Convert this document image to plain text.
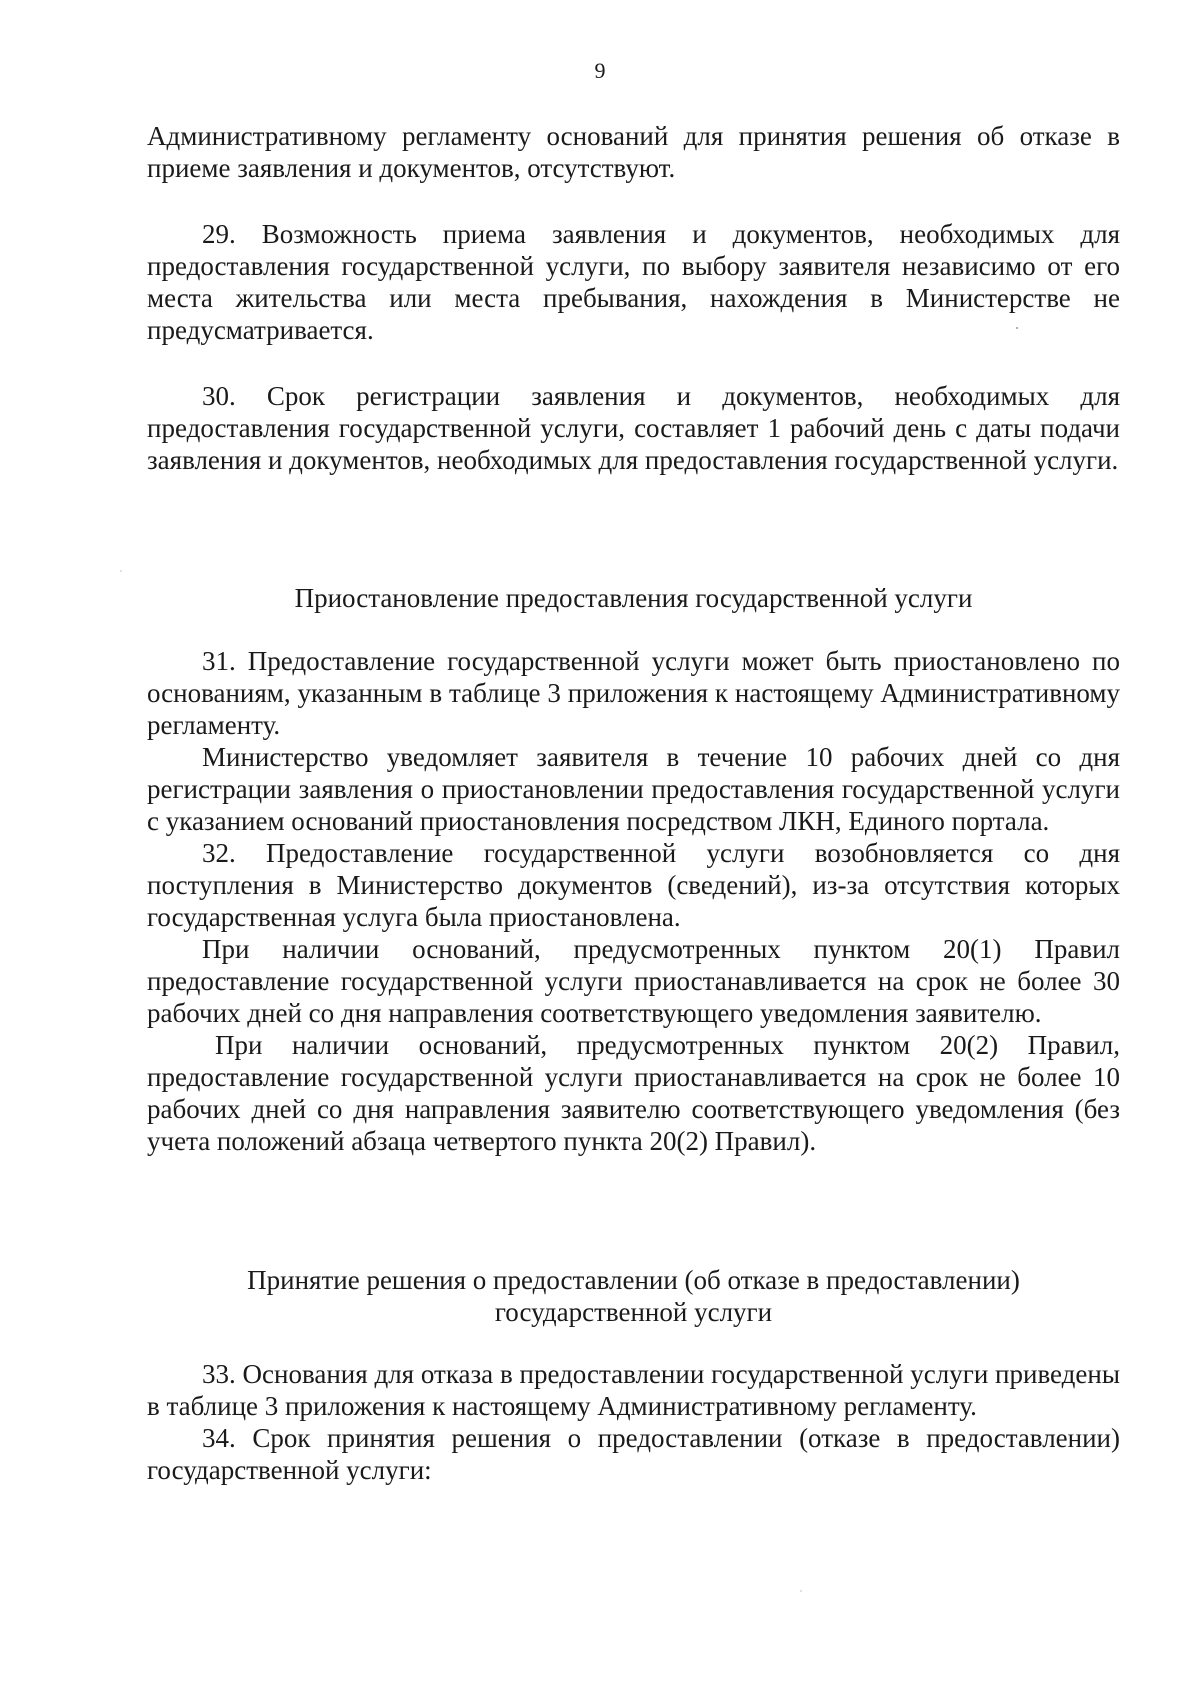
9

Административному регламенту оснований для принятия решения об отказе в приеме заявления и документов, отсутствуют.

29. Возможность приема заявления и документов, необходимых для предоставления государственной услуги, по выбору заявителя независимо от его места жительства или места пребывания, нахождения в Министерстве не предусматривается.

30. Срок регистрации заявления и документов, необходимых для предоставления государственной услуги, составляет 1 рабочий день с даты подачи заявления и документов, необходимых для предоставления государственной услуги.

Приостановление предоставления государственной услуги

31. Предоставление государственной услуги может быть приостановлено по основаниям, указанным в таблице 3 приложения к настоящему Административному регламенту.

Министерство уведомляет заявителя в течение 10 рабочих дней со дня регистрации заявления о приостановлении предоставления государственной услуги с указанием оснований приостановления посредством ЛКН, Единого портала.

32. Предоставление государственной услуги возобновляется со дня поступления в Министерство документов (сведений), из-за отсутствия которых государственная услуга была приостановлена.

При наличии оснований, предусмотренных пунктом 20(1) Правил предоставление государственной услуги приостанавливается на срок не более 30 рабочих дней со дня направления соответствующего уведомления заявителю.

При наличии оснований, предусмотренных пунктом 20(2) Правил, предоставление государственной услуги приостанавливается на срок не более 10 рабочих дней со дня направления заявителю соответствующего уведомления (без учета положений абзаца четвертого пункта 20(2) Правил).

Принятие решения о предоставлении (об отказе в предоставлении)

государственной услуги

33. Основания для отказа в предоставлении государственной услуги приведены в таблице 3 приложения к настоящему Административному регламенту.

34. Срок принятия решения о предоставлении (отказе в предоставлении) государственной услуги:
